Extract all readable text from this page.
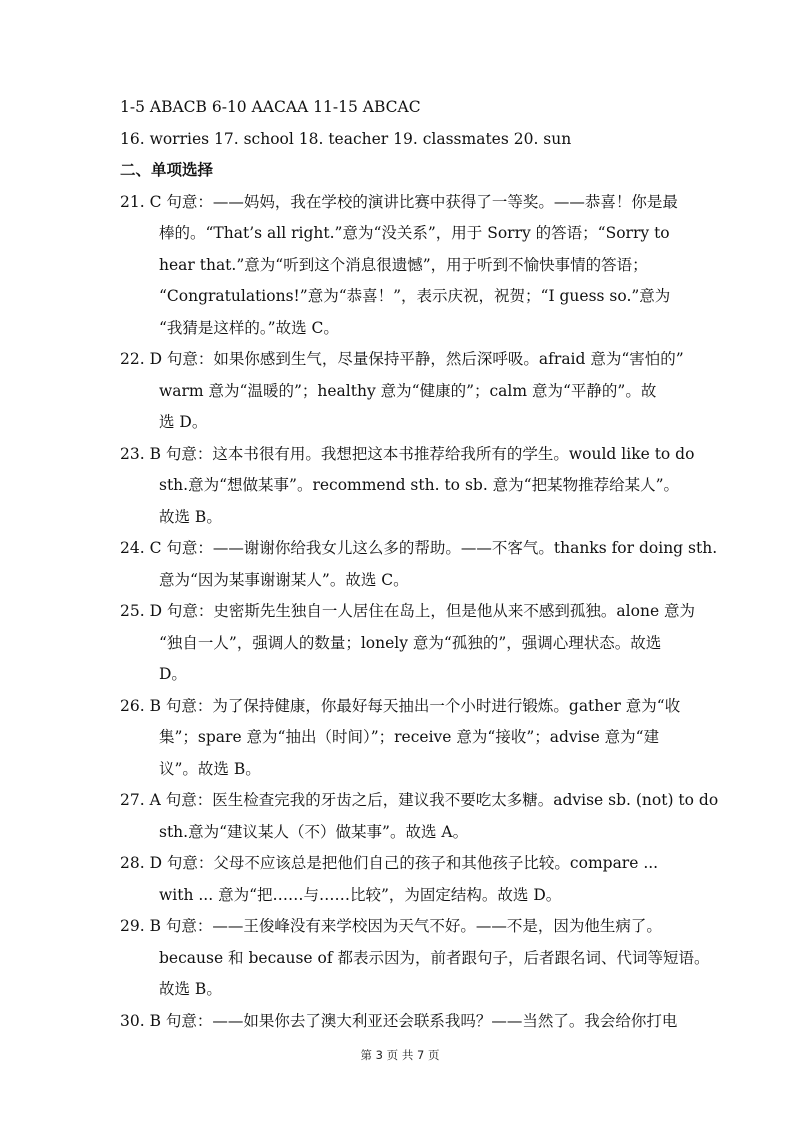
1-5 ABACB 6-10 AACAA 11-15 ABCAC
16. worries 17. school 18. teacher 19. classmates 20. sun
二、单项选择
21. C 句意：——妈妈，我在学校的演讲比赛中获得了一等奖。——恭喜！你是最
棒的。“That’s all right.”意为“没关系”，用于 Sorry 的答语；“Sorry to
hear that.”意为“听到这个消息很遗憾”，用于听到不愉快事情的答语；
“Congratulations!”意为“恭喜！”，表示庆祝，祝贺；“I guess so.”意为
“我猜是这样的。”故选 C。
22. D 句意：如果你感到生气，尽量保持平静，然后深呼吸。afraid 意为“害怕的”
warm 意为“温暖的”；healthy 意为“健康的”；calm 意为“平静的”。故
选 D。
23. B 句意：这本书很有用。我想把这本书推荐给我所有的学生。would like to do
sth.意为“想做某事”。recommend sth. to sb. 意为“把某物推荐给某人”。
故选 B。
24. C 句意：——谢谢你给我女儿这么多的帮助。——不客气。thanks for doing sth.
意为“因为某事谢谢某人”。故选 C。
25. D 句意：史密斯先生独自一人居住在岛上，但是他从来不感到孤独。alone 意为
“独自一人”，强调人的数量；lonely 意为“孤独的”，强调心理状态。故选
D。
26. B 句意：为了保持健康，你最好每天抽出一个小时进行锻炼。gather 意为“收
集”；spare 意为“抽出（时间）”；receive 意为“接收”；advise 意为“建
议”。故选 B。
27. A 句意：医生检查完我的牙齿之后，建议我不要吃太多糖。advise sb. (not) to do
sth.意为“建议某人（不）做某事”。故选 A。
28. D 句意：父母不应该总是把他们自己的孩子和其他孩子比较。compare ...
with ... 意为“把……与……比较”，为固定结构。故选 D。
29. B 句意：——王俊峰没有来学校因为天气不好。——不是，因为他生病了。
because 和 because of 都表示因为，前者跟句子，后者跟名词、代词等短语。
故选 B。
30. B 句意：——如果你去了澳大利亚还会联系我吗？——当然了。我会给你打电
第 3 页 共 7 页
